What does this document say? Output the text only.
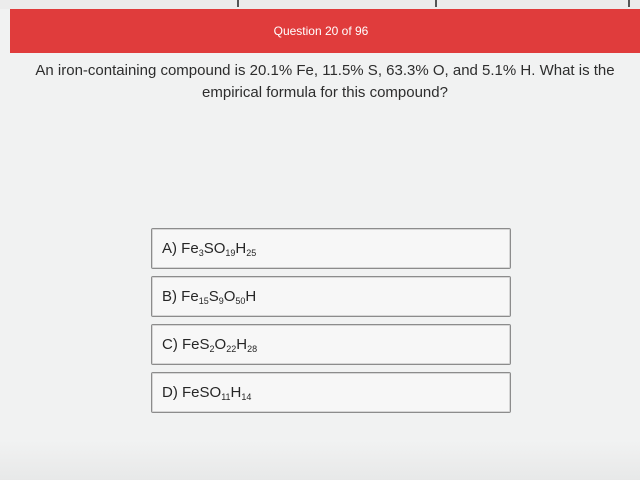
Question 20 of 96
An iron-containing compound is 20.1% Fe, 11.5% S, 63.3% O, and 5.1% H. What is the empirical formula for this compound?
A)
$Fe_3SO_{19}H_{25}$
B)
$Fe_{15}S_9O_{50}H$
C)
$FeS_2O_{22}H_{28}$
D)
$FeSO_{11}H_{14}$
